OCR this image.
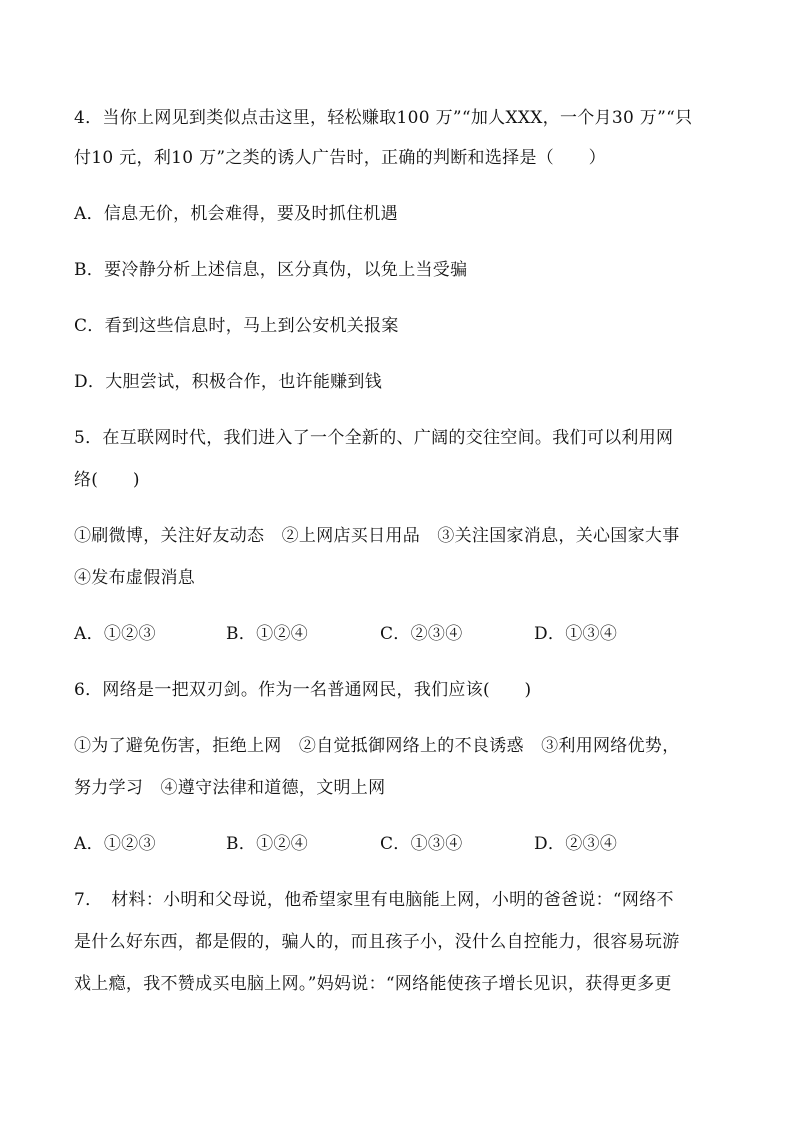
4．当你上网见到类似点击这里，轻松赚取100 万”“加人XXX，一个月30 万”“只
付10 元，利10 万”之类的诱人广告时，正确的判断和选择是（　　）
A．信息无价，机会难得，要及时抓住机遇
B．要冷静分析上述信息，区分真伪，以免上当受骗
C．看到这些信息时，马上到公安机关报案
D．大胆尝试，积极合作，也许能赚到钱
5．在互联网时代，我们进入了一个全新的、广阔的交往空间。我们可以利用网
络(　　)
①刷微博，关注好友动态　②上网店买日用品　③关注国家消息，关心国家大事
④发布虚假消息
A．①②③	B．①②④	C．②③④	D．①③④
6．网络是一把双刃剑。作为一名普通网民，我们应该(　　)
①为了避免伤害，拒绝上网　②自觉抵御网络上的不良诱惑　③利用网络优势，
努力学习　④遵守法律和道德，文明上网
A．①②③	B．①②④	C．①③④	D．②③④
7．　材料：小明和父母说，他希望家里有电脑能上网，小明的爸爸说：“网络不
是什么好东西，都是假的，骗人的，而且孩子小，没什么自控能力，很容易玩游
戏上瘾，我不赞成买电脑上网。”妈妈说：“网络能使孩子增长见识，获得更多更
